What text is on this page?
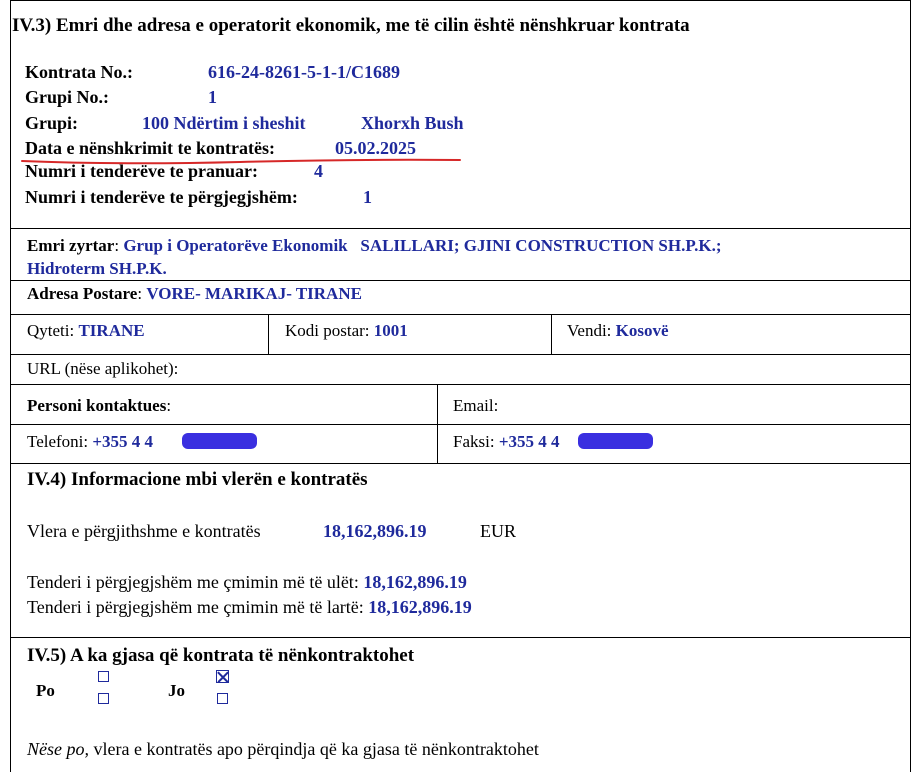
IV.3) Emri dhe adresa e operatorit ekonomik, me të cilin është nënshkruar kontrata
Kontrata No.:	616-24-8261-5-1-1/C1689
Grupi No.:	1
Grupi:	100 Ndërtim i sheshit	Xhorxh Bush
Data e nënshkrimit te kontratës:	05.02.2025
Numri i tenderëve te pranuar:	4
Numri i tenderëve te përgjegjshëm:	1
Emri zyrtar: Grup i Operatorëve Ekonomik   SALILLARI; GJINI CONSTRUCTION SH.P.K.;
Hidroterm SH.P.K.
Adresa Postare: VORE- MARIKAJ- TIRANE
Qyteti: TIRANE	Kodi postar: 1001	Vendi: Kosovë
URL (nëse aplikohet):
Personi kontaktues:	Email:
Telefoni: +355 4 4	Faksi: +355 4 4
IV.4) Informacione mbi vlerën e kontratës
Vlera e përgjithshme e kontratës	18,162,896.19	EUR
Tenderi i përgjegjshëm me çmimin më të ulët: 18,162,896.19
Tenderi i përgjegjshëm me çmimin më të lartë: 18,162,896.19
IV.5) A ka gjasa që kontrata të nënkontraktohet
Po	Jo
Nëse po, vlera e kontratës apo përqindja që ka gjasa të nënkontraktohet
